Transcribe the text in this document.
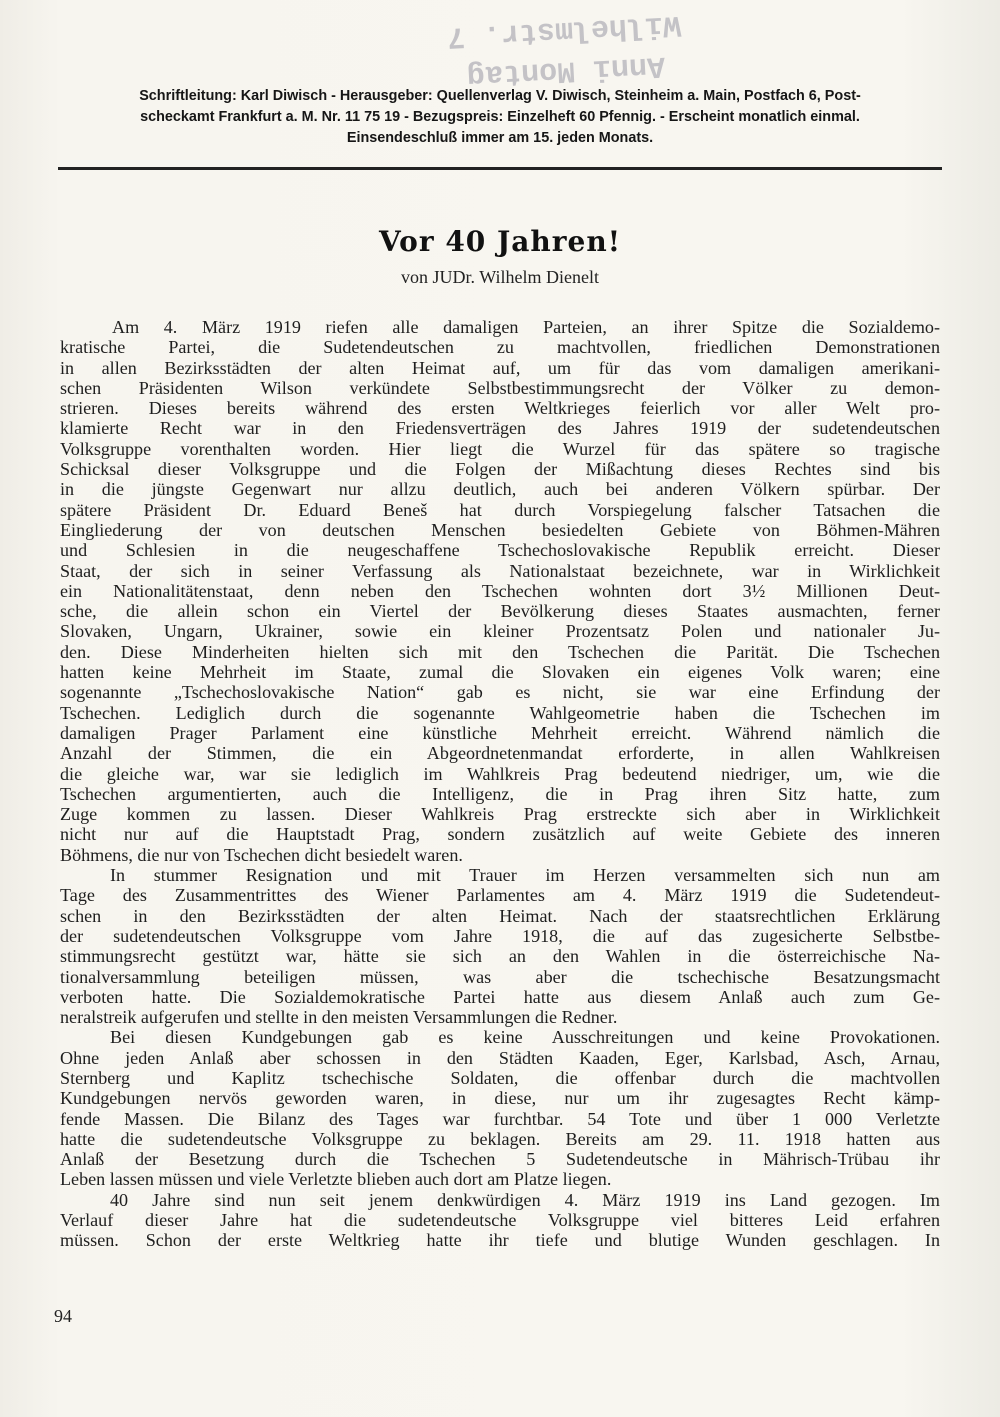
Anni Montag
Wilhelmstr. 7
Schriftleitung: Karl Diwisch - Herausgeber: Quellenverlag V. Diwisch, Steinheim a. Main, Postfach 6, Post-
scheckamt Frankfurt a. M. Nr. 11 75 19 - Bezugspreis: Einzelheft 60 Pfennig. - Erscheint monatlich einmal.
Einsendeschluß immer am 15. jeden Monats.
Vor 40 Jahren!
von JUDr. Wilhelm Dienelt
Am 4. März 1919 riefen alle damaligen Parteien, an ihrer Spitze die Sozialdemo-
kratische Partei, die Sudetendeutschen zu machtvollen, friedlichen Demonstrationen
in allen Bezirksstädten der alten Heimat auf, um für das vom damaligen amerikani-
schen Präsidenten Wilson verkündete Selbstbestimmungsrecht der Völker zu demon-
strieren. Dieses bereits während des ersten Weltkrieges feierlich vor aller Welt pro-
klamierte Recht war in den Friedensverträgen des Jahres 1919 der sudetendeutschen
Volksgruppe vorenthalten worden. Hier liegt die Wurzel für das spätere so tragische
Schicksal dieser Volksgruppe und die Folgen der Mißachtung dieses Rechtes sind bis
in die jüngste Gegenwart nur allzu deutlich, auch bei anderen Völkern spürbar. Der
spätere Präsident Dr. Eduard Beneš hat durch Vorspiegelung falscher Tatsachen die
Eingliederung der von deutschen Menschen besiedelten Gebiete von Böhmen-Mähren
und Schlesien in die neugeschaffene Tschechoslovakische Republik erreicht. Dieser
Staat, der sich in seiner Verfassung als Nationalstaat bezeichnete, war in Wirklichkeit
ein Nationalitätenstaat, denn neben den Tschechen wohnten dort 3½ Millionen Deut-
sche, die allein schon ein Viertel der Bevölkerung dieses Staates ausmachten, ferner
Slovaken, Ungarn, Ukrainer, sowie ein kleiner Prozentsatz Polen und nationaler Ju-
den. Diese Minderheiten hielten sich mit den Tschechen die Parität. Die Tschechen
hatten keine Mehrheit im Staate, zumal die Slovaken ein eigenes Volk waren; eine
sogenannte „Tschechoslovakische Nation“ gab es nicht, sie war eine Erfindung der
Tschechen. Lediglich durch die sogenannte Wahlgeometrie haben die Tschechen im
damaligen Prager Parlament eine künstliche Mehrheit erreicht. Während nämlich die
Anzahl der Stimmen, die ein Abgeordnetenmandat erforderte, in allen Wahlkreisen
die gleiche war, war sie lediglich im Wahlkreis Prag bedeutend niedriger, um, wie die
Tschechen argumentierten, auch die Intelligenz, die in Prag ihren Sitz hatte, zum
Zuge kommen zu lassen. Dieser Wahlkreis Prag erstreckte sich aber in Wirklichkeit
nicht nur auf die Hauptstadt Prag, sondern zusätzlich auf weite Gebiete des inneren
Böhmens, die nur von Tschechen dicht besiedelt waren.
In stummer Resignation und mit Trauer im Herzen versammelten sich nun am
Tage des Zusammentrittes des Wiener Parlamentes am 4. März 1919 die Sudetendeut-
schen in den Bezirksstädten der alten Heimat. Nach der staatsrechtlichen Erklärung
der sudetendeutschen Volksgruppe vom Jahre 1918, die auf das zugesicherte Selbstbe-
stimmungsrecht gestützt war, hätte sie sich an den Wahlen in die österreichische Na-
tionalversammlung beteiligen müssen, was aber die tschechische Besatzungsmacht
verboten hatte. Die Sozialdemokratische Partei hatte aus diesem Anlaß auch zum Ge-
neralstreik aufgerufen und stellte in den meisten Versammlungen die Redner.
Bei diesen Kundgebungen gab es keine Ausschreitungen und keine Provokationen.
Ohne jeden Anlaß aber schossen in den Städten Kaaden, Eger, Karlsbad, Asch, Arnau,
Sternberg und Kaplitz tschechische Soldaten, die offenbar durch die machtvollen
Kundgebungen nervös geworden waren, in diese, nur um ihr zugesagtes Recht kämp-
fende Massen. Die Bilanz des Tages war furchtbar. 54 Tote und über 1 000 Verletzte
hatte die sudetendeutsche Volksgruppe zu beklagen. Bereits am 29. 11. 1918 hatten aus
Anlaß der Besetzung durch die Tschechen 5 Sudetendeutsche in Mährisch-Trübau ihr
Leben lassen müssen und viele Verletzte blieben auch dort am Platze liegen.
40 Jahre sind nun seit jenem denkwürdigen 4. März 1919 ins Land gezogen. Im
Verlauf dieser Jahre hat die sudetendeutsche Volksgruppe viel bitteres Leid erfahren
müssen. Schon der erste Weltkrieg hatte ihr tiefe und blutige Wunden geschlagen. In
94
